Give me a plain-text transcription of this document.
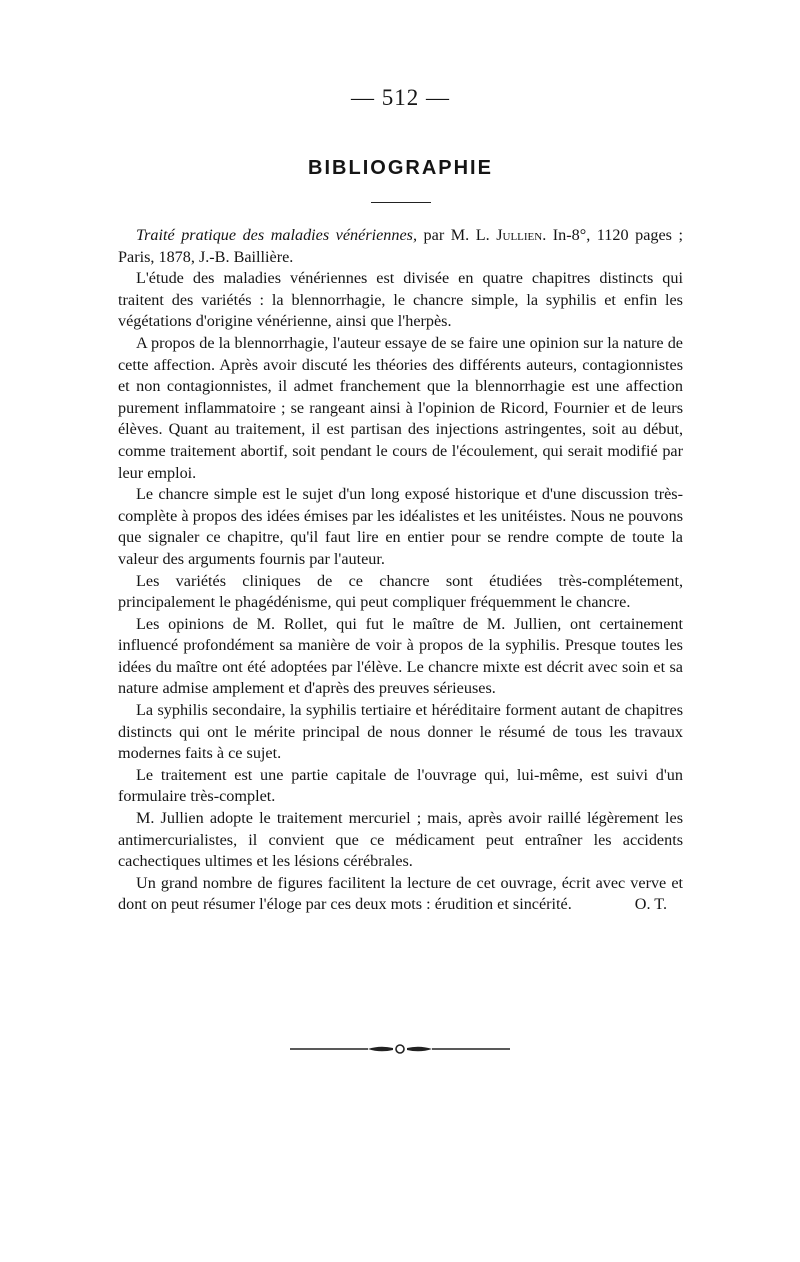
— 512 —
BIBLIOGRAPHIE

Traité pratique des maladies vénériennes, par M. L. Jullien. In-8°, 1120 pages ; Paris, 1878, J.-B. Baillière.

L'étude des maladies vénériennes est divisée en quatre chapitres distincts qui traitent des variétés : la blennorrhagie, le chancre simple, la syphilis et enfin les végétations d'origine vénérienne, ainsi que l'herpès.

A propos de la blennorrhagie, l'auteur essaye de se faire une opinion sur la nature de cette affection. Après avoir discuté les théories des différents auteurs, contagionnistes et non contagionnistes, il admet franchement que la blennorrhagie est une affection purement inflammatoire ; se rangeant ainsi à l'opinion de Ricord, Fournier et de leurs élèves. Quant au traitement, il est partisan des injections astringentes, soit au début, comme traitement abortif, soit pendant le cours de l'écoulement, qui serait modifié par leur emploi.

Le chancre simple est le sujet d'un long exposé historique et d'une discussion très-complète à propos des idées émises par les idéalistes et les unitéistes. Nous ne pouvons que signaler ce chapitre, qu'il faut lire en entier pour se rendre compte de toute la valeur des arguments fournis par l'auteur.

Les variétés cliniques de ce chancre sont étudiées très-complétement, principalement le phagédénisme, qui peut compliquer fréquemment le chancre.

Les opinions de M. Rollet, qui fut le maître de M. Jullien, ont certainement influencé profondément sa manière de voir à propos de la syphilis. Presque toutes les idées du maître ont été adoptées par l'élève. Le chancre mixte est décrit avec soin et sa nature admise amplement et d'après des preuves sérieuses.

La syphilis secondaire, la syphilis tertiaire et héréditaire forment autant de chapitres distincts qui ont le mérite principal de nous donner le résumé de tous les travaux modernes faits à ce sujet.

Le traitement est une partie capitale de l'ouvrage qui, lui-même, est suivi d'un formulaire très-complet.

M. Jullien adopte le traitement mercuriel ; mais, après avoir raillé légèrement les antimercurialistes, il convient que ce médicament peut entraîner les accidents cachectiques ultimes et les lésions cérébrales.

Un grand nombre de figures facilitent la lecture de cet ouvrage, écrit avec verve et dont on peut résumer l'éloge par ces deux mots : érudition et sincérité.	O. T.
